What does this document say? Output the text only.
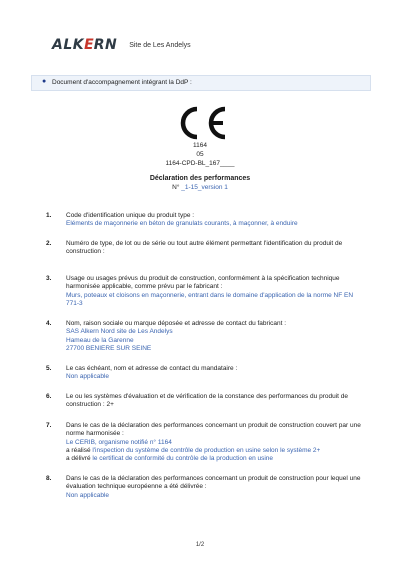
ALK E RN Site de Les Andelys
● Document d'accompagnement intégrant la DdP :
1164
05
1164-CPD-BL_167____
Déclaration des performances
N° _1-15_version 1
1. Code d'identification unique du produit type :
Eléments de maçonnerie en béton de granulats courants, à maçonner, à enduire
2. Numéro de type, de lot ou de série ou tout autre élément permettant l'identification du produit de construction :
3. Usage ou usages prévus du produit de construction, conformément à la spécification technique harmonisée applicable, comme prévu par le fabricant :
Murs, poteaux et cloisons en maçonnerie, entrant dans le domaine d'application de la norme NF EN 771-3
4. Nom, raison sociale ou marque déposée et adresse de contact du fabricant :
SAS Alkern Nord site de Les Andelys
Hameau de la Garenne
27700 BENIERE SUR SEINE
5. Le cas échéant, nom et adresse de contact du mandataire :
Non applicable
6. Le ou les systèmes d'évaluation et de vérification de la constance des performances du produit de construction : 2+
7. Dans le cas de la déclaration des performances concernant un produit de construction couvert par une norme harmonisée :
Le CERIB, organisme notifié n° 1164
a réalisé l'inspection du système de contrôle de production en usine selon le système 2+
a délivré le certificat de conformité du contrôle de la production en usine
8. Dans le cas de la déclaration des performances concernant un produit de construction pour lequel une évaluation technique européenne a été délivrée :
Non applicable
1/2
